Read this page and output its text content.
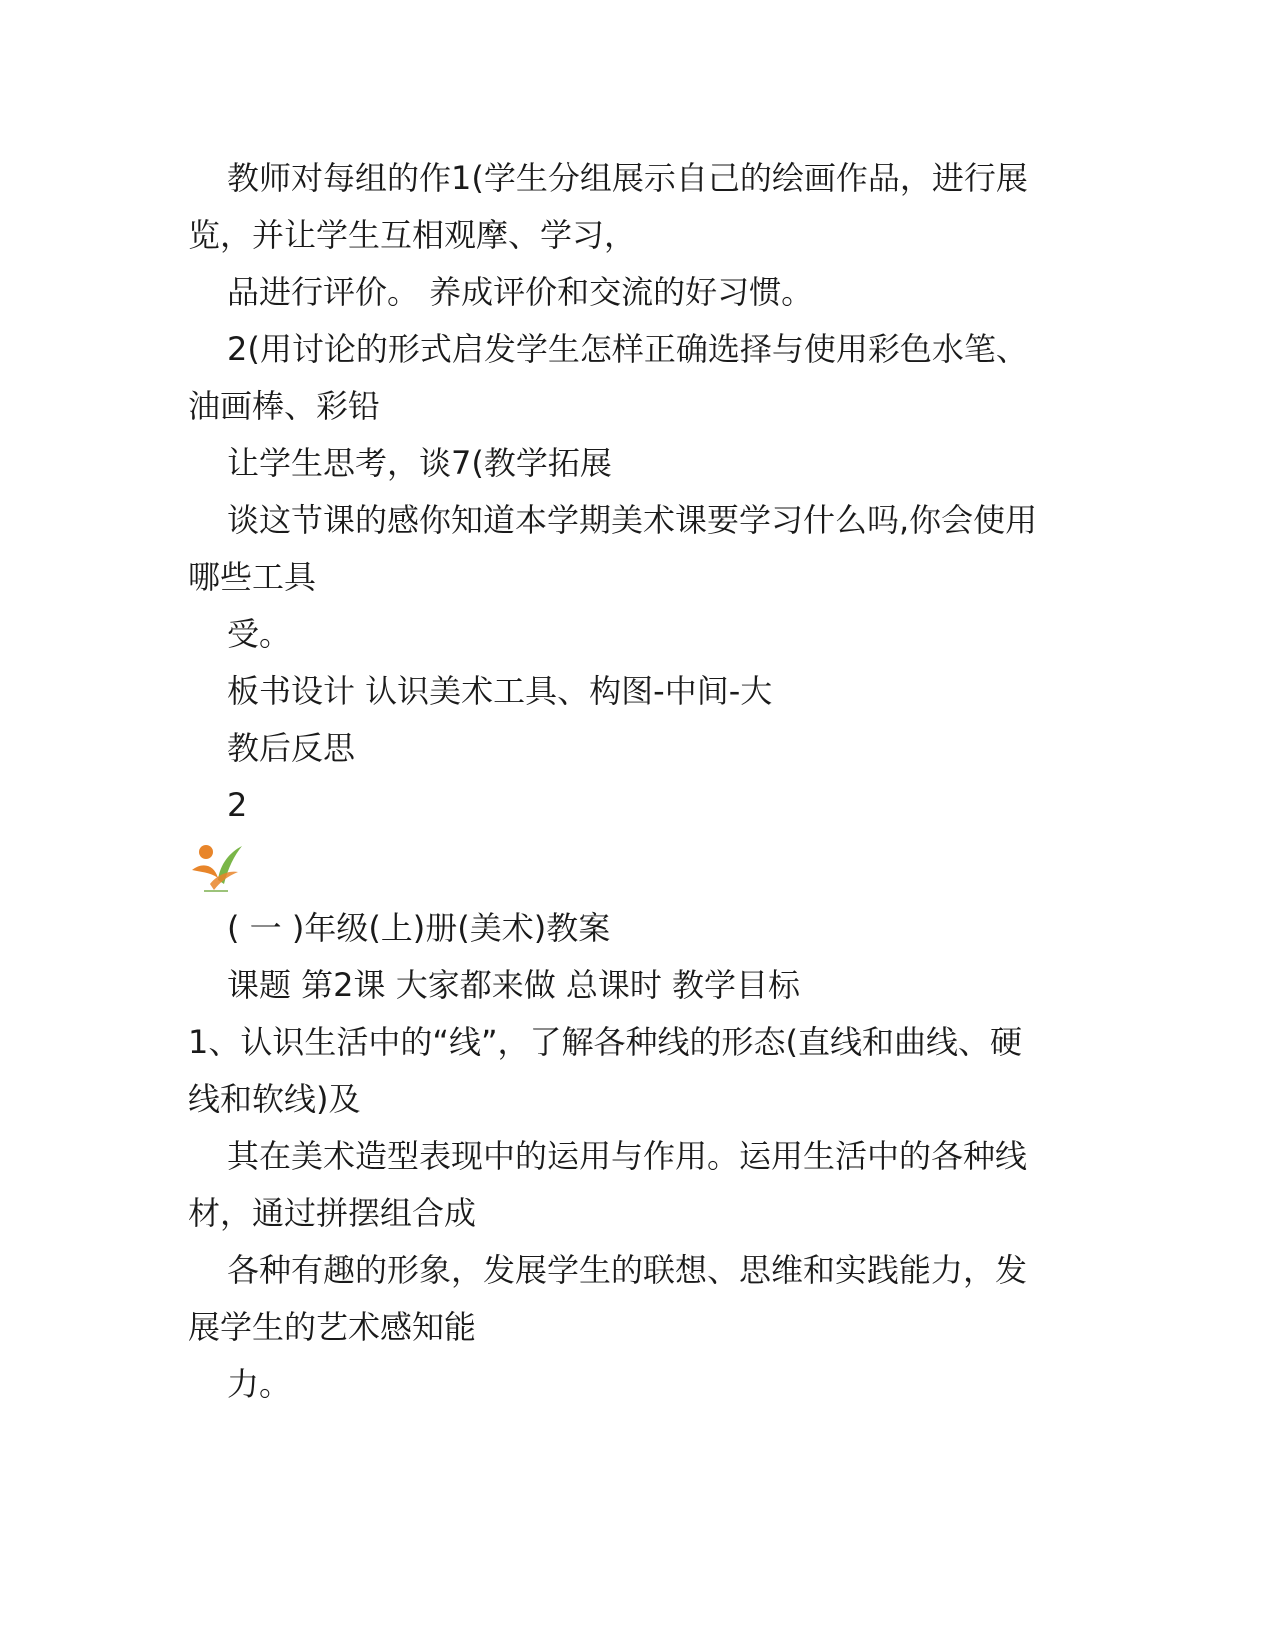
教师对每组的作1(学生分组展示自己的绘画作品，进行展

览，并让学生互相观摩、学习，

品进行评价。 养成评价和交流的好习惯。

2(用讨论的形式启发学生怎样正确选择与使用彩色水笔、

油画棒、彩铅

让学生思考，谈7(教学拓展

谈这节课的感你知道本学期美术课要学习什么吗,你会使用

哪些工具

受。

板书设计 认识美术工具、构图-中间-大

教后反思

2

( 一 )年级(上)册(美术)教案

课题 第2课 大家都来做 总课时 教学目标

1、认识生活中的“线”，了解各种线的形态(直线和曲线、硬

线和软线)及

其在美术造型表现中的运用与作用。运用生活中的各种线

材，通过拼摆组合成

各种有趣的形象，发展学生的联想、思维和实践能力，发

展学生的艺术感知能

力。
